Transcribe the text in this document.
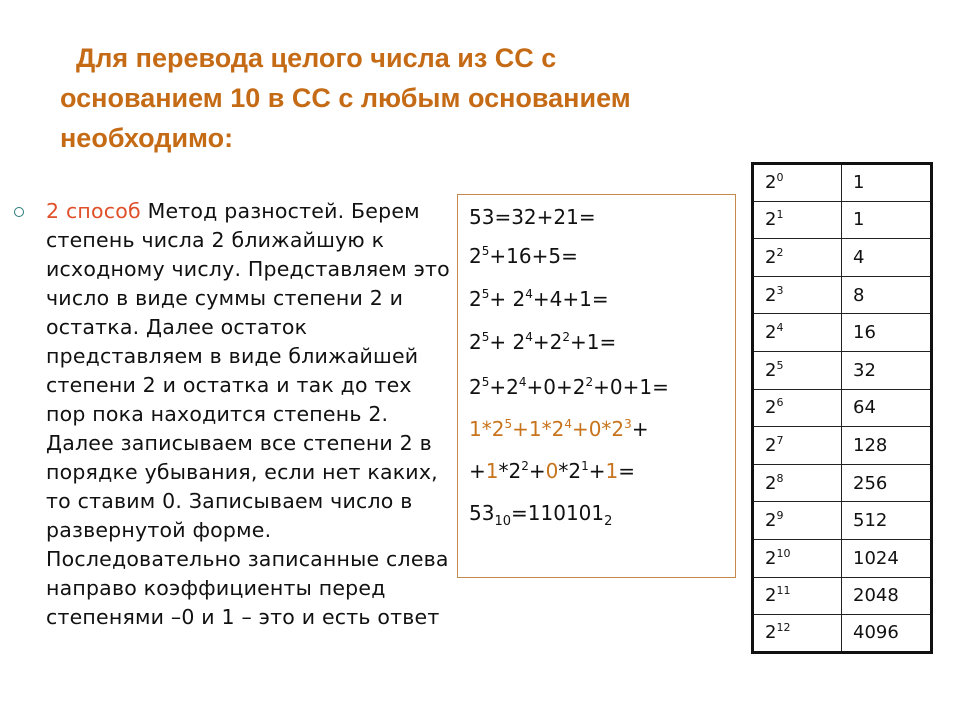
Для перевода целого числа из СС с
основанием 10 в СС с любым основанием
необходимо:
2 способ Метод разностей. Берем степень числа 2 ближайшую к исходному числу. Представляем это число в виде суммы степени 2 и остатка. Далее остаток представляем в виде ближайшей степени 2 и остатка и так до тех пор пока находится степень 2. Далее записываем все степени 2 в порядке убывания, если нет каких, то ставим 0. Записываем число в развернутой форме. Последовательно записанные слева направо коэффициенты перед степенями –0 и 1 – это и есть ответ
53=32+21=
$2^5+16+5=$
$2^5+ 2^4+4+1=$
$2^5+ 2^4+2^2+1=$
$2^5+2^4+0+2^2+0+1=$
$1*2^5+1*2^4+0*2^3+$
$+1*2^2+0*2^1+1=$
$53_{10}=110101_2$
$2^0$	1
$2^1$	1
$2^2$	4
$2^3$	8
$2^4$	16
$2^5$	32
$2^6$	64
$2^7$	128
$2^8$	256
$2^9$	512
$2^{10}$	1024
$2^{11}$	2048
$2^{12}$	4096
